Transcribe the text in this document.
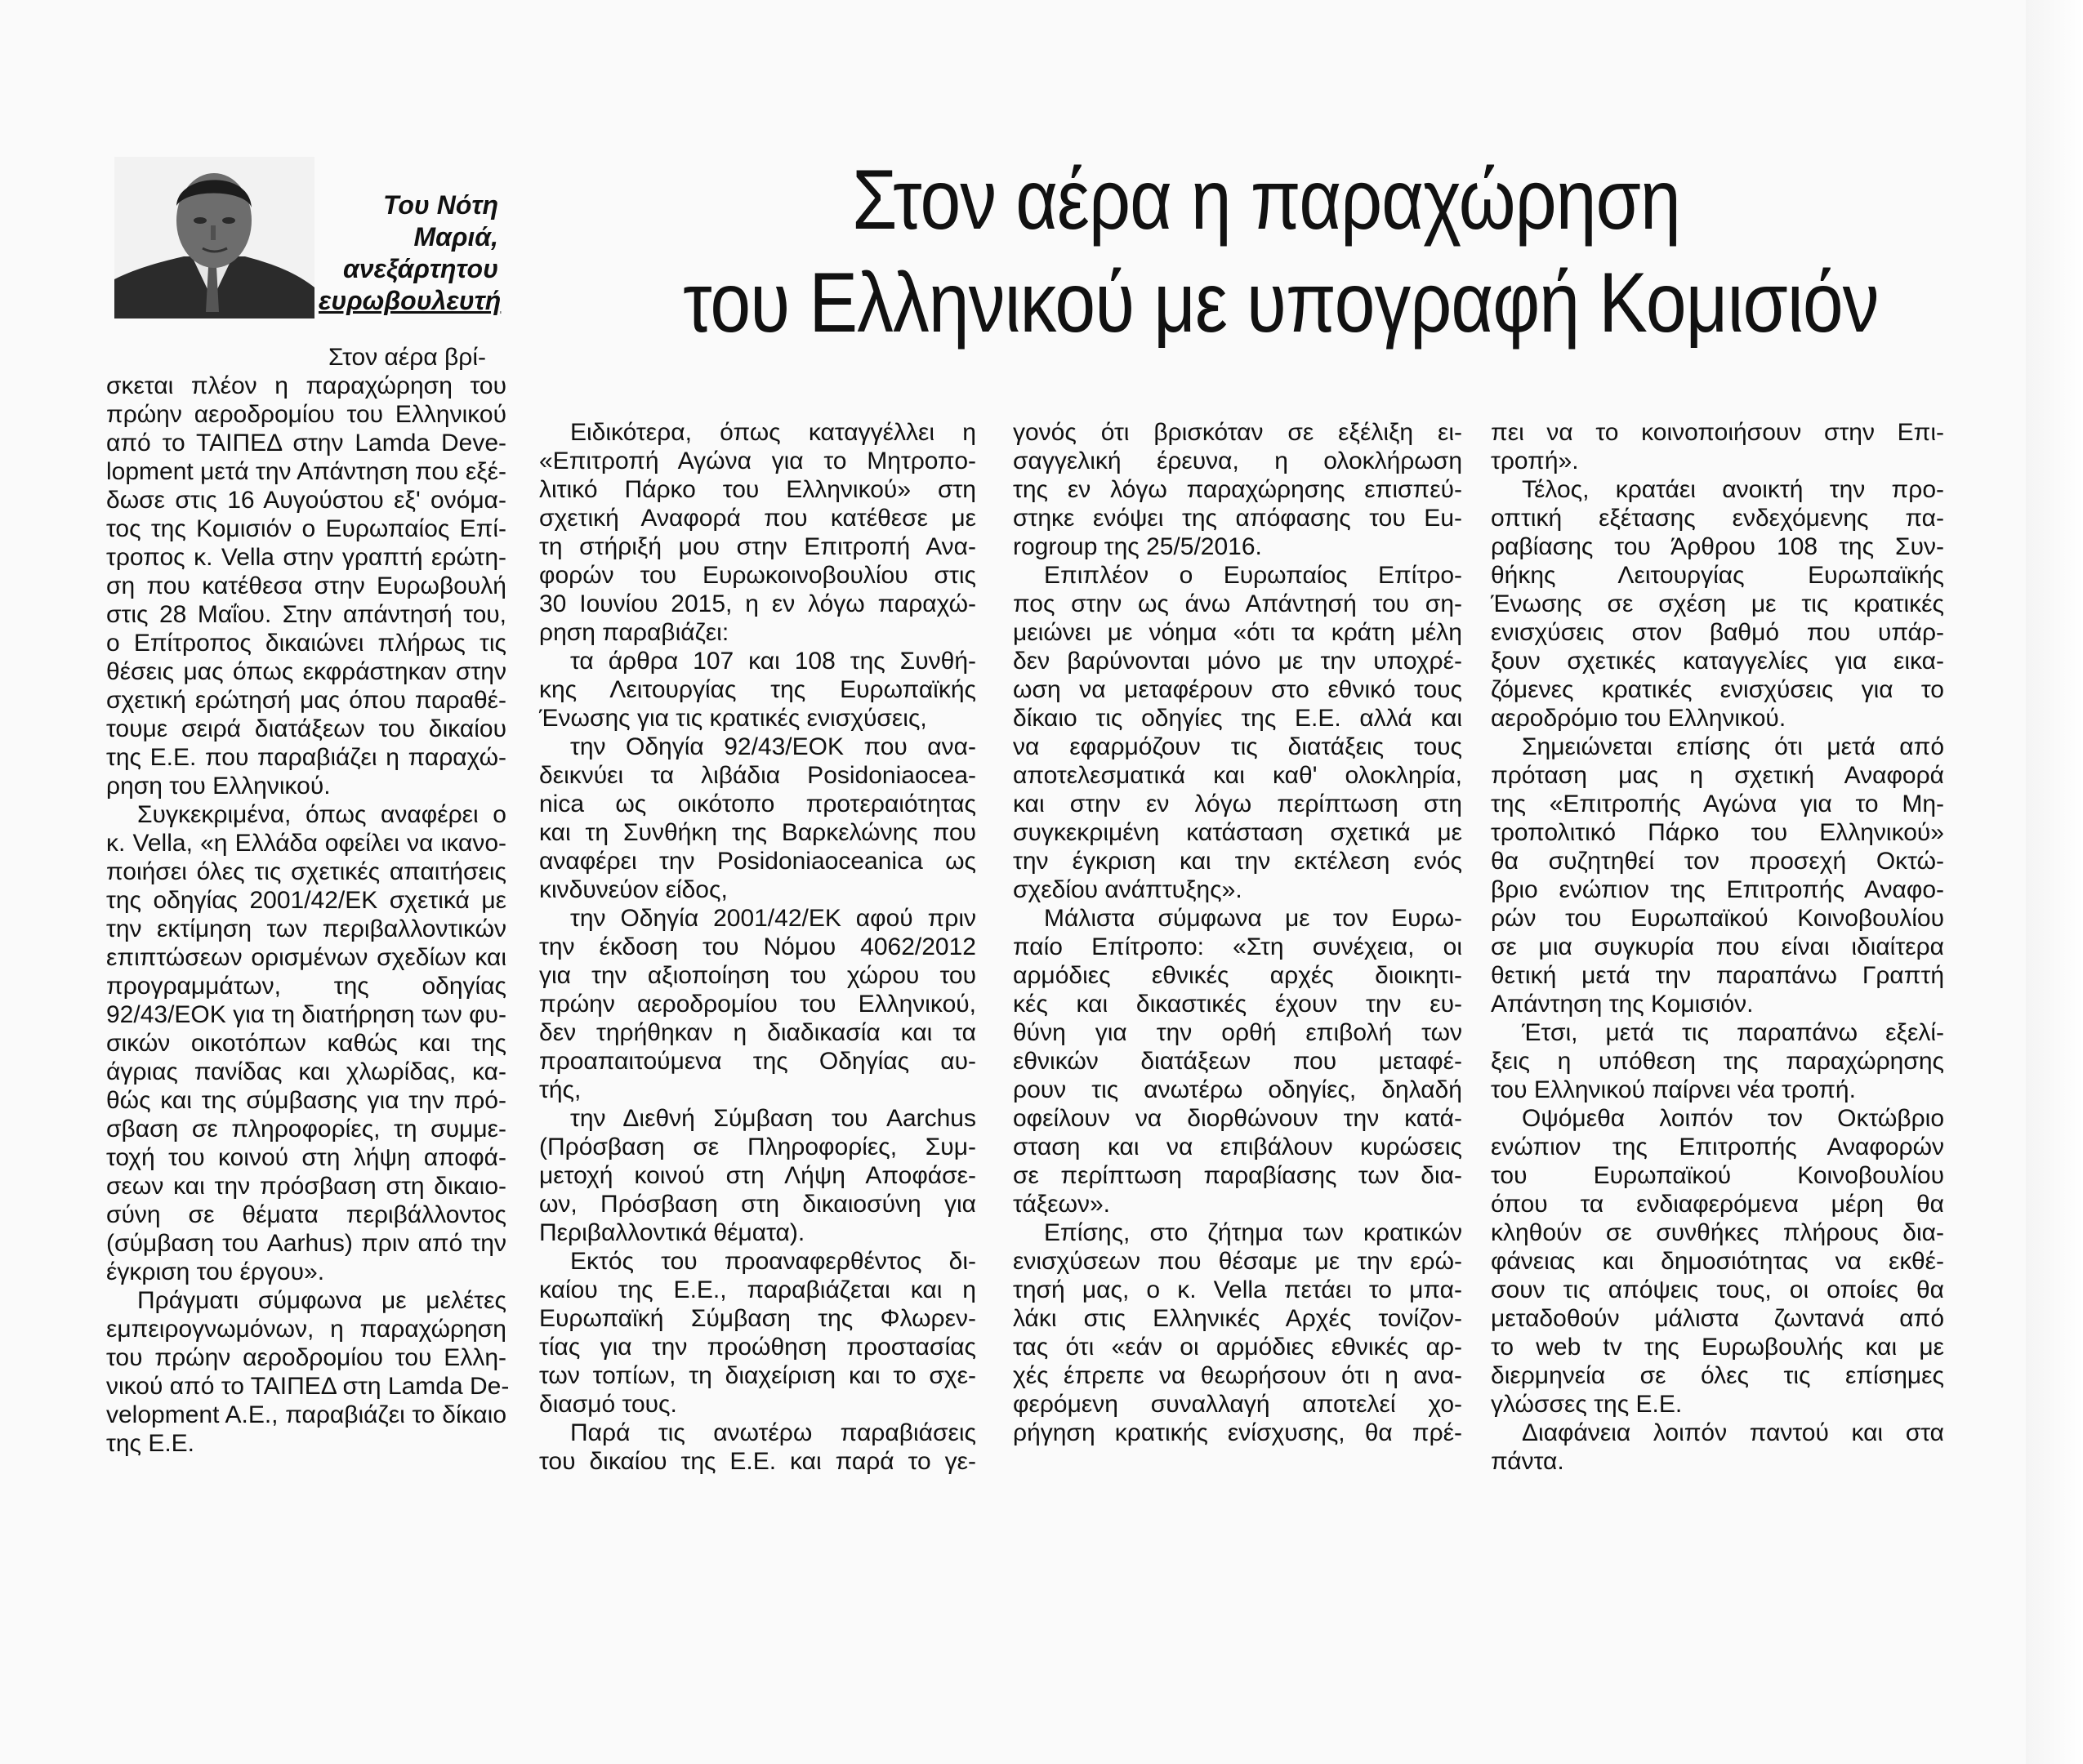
Του Νότη
Μαριά,
ανεξάρτητου
ευρωβουλευτή
Στον αέρα η παραχώρηση
του Ελληνικού με υπογραφή Κομισιόν
Στον αέρα βρί-
σκεται πλέον η παραχώρηση του
πρώην αεροδρομίου του Ελληνικού
από το ΤΑΙΠΕΔ στην Lamda Deve-
lopment μετά την Απάντηση που εξέ-
δωσε στις 16 Αυγούστου εξ' ονόμα-
τος της Κομισιόν ο Ευρωπαίος Επί-
τροπος κ. Vella στην γραπτή ερώτη-
ση που κατέθεσα στην Ευρωβουλή
στις 28 Μαΐου. Στην απάντησή του,
ο Επίτροπος δικαιώνει πλήρως τις
θέσεις μας όπως εκφράστηκαν στην
σχετική ερώτησή μας όπου παραθέ-
τουμε σειρά διατάξεων του δικαίου
της Ε.Ε. που παραβιάζει η παραχώ-
ρηση του Ελληνικού.
Συγκεκριμένα, όπως αναφέρει ο
κ. Vella, «η Ελλάδα οφείλει να ικανο-
ποιήσει όλες τις σχετικές απαιτήσεις
της οδηγίας 2001/42/ΕΚ σχετικά με
την εκτίμηση των περιβαλλοντικών
επιπτώσεων ορισμένων σχεδίων και
προγραμμάτων, της οδηγίας
92/43/ΕΟΚ για τη διατήρηση των φυ-
σικών οικοτόπων καθώς και της
άγριας πανίδας και χλωρίδας, κα-
θώς και της σύμβασης για την πρό-
σβαση σε πληροφορίες, τη συμμε-
τοχή του κοινού στη λήψη αποφά-
σεων και την πρόσβαση στη δικαιο-
σύνη σε θέματα περιβάλλοντος
(σύμβαση του Aarhus) πριν από την
έγκριση του έργου».
Πράγματι σύμφωνα με μελέτες
εμπειρογνωμόνων, η παραχώρηση
του πρώην αεροδρομίου του Ελλη-
νικού από το ΤΑΙΠΕΔ στη Lamda De-
velopment A.E., παραβιάζει το δίκαιο
της Ε.Ε.
Ειδικότερα, όπως καταγγέλλει η
«Επιτροπή Αγώνα για το Μητροπο-
λιτικό Πάρκο του Ελληνικού» στη
σχετική Αναφορά που κατέθεσε με
τη στήριξή μου στην Επιτροπή Ανα-
φορών του Ευρωκοινοβουλίου στις
30 Ιουνίου 2015, η εν λόγω παραχώ-
ρηση παραβιάζει:
τα άρθρα 107 και 108 της Συνθή-
κης Λειτουργίας της Ευρωπαϊκής
Ένωσης για τις κρατικές ενισχύσεις,
την Οδηγία 92/43/ΕΟΚ που ανα-
δεικνύει τα λιβάδια Posidoniaocea-
nica ως οικότοπο προτεραιότητας
και τη Συνθήκη της Βαρκελώνης που
αναφέρει την Posidoniaoceanica ως
κινδυνεύον είδος,
την Οδηγία 2001/42/ΕΚ αφού πριν
την έκδοση του Νόμου 4062/2012
για την αξιοποίηση του χώρου του
πρώην αεροδρομίου του Ελληνικού,
δεν τηρήθηκαν η διαδικασία και τα
προαπαιτούμενα της Οδηγίας αυ-
τής,
την Διεθνή Σύμβαση του Aarchus
(Πρόσβαση σε Πληροφορίες, Συμ-
μετοχή κοινού στη Λήψη Αποφάσε-
ων, Πρόσβαση στη δικαιοσύνη για
Περιβαλλοντικά θέματα).
Εκτός του προαναφερθέντος δι-
καίου της Ε.Ε., παραβιάζεται και η
Ευρωπαϊκή Σύμβαση της Φλωρεν-
τίας για την προώθηση προστασίας
των τοπίων, τη διαχείριση και το σχε-
διασμό τους.
Παρά τις ανωτέρω παραβιάσεις
του δικαίου της Ε.Ε. και παρά το γε-
γονός ότι βρισκόταν σε εξέλιξη ει-
σαγγελική έρευνα, η ολοκλήρωση
της εν λόγω παραχώρησης επισπεύ-
στηκε ενόψει της απόφασης του Eu-
rogroup της 25/5/2016.
Επιπλέον ο Ευρωπαίος Επίτρο-
πος στην ως άνω Απάντησή του ση-
μειώνει με νόημα «ότι τα κράτη μέλη
δεν βαρύνονται μόνο με την υποχρέ-
ωση να μεταφέρουν στο εθνικό τους
δίκαιο τις οδηγίες της Ε.Ε. αλλά και
να εφαρμόζουν τις διατάξεις τους
αποτελεσματικά και καθ' ολοκληρία,
και στην εν λόγω περίπτωση στη
συγκεκριμένη κατάσταση σχετικά με
την έγκριση και την εκτέλεση ενός
σχεδίου ανάπτυξης».
Μάλιστα σύμφωνα με τον Ευρω-
παίο Επίτροπο: «Στη συνέχεια, οι
αρμόδιες εθνικές αρχές διοικητι-
κές και δικαστικές έχουν την ευ-
θύνη για την ορθή επιβολή των
εθνικών διατάξεων που μεταφέ-
ρουν τις ανωτέρω οδηγίες, δηλαδή
οφείλουν να διορθώνουν την κατά-
σταση και να επιβάλουν κυρώσεις
σε περίπτωση παραβίασης των δια-
τάξεων».
Επίσης, στο ζήτημα των κρατικών
ενισχύσεων που θέσαμε με την ερώ-
τησή μας, ο κ. Vella πετάει το μπα-
λάκι στις Ελληνικές Αρχές τονίζον-
τας ότι «εάν οι αρμόδιες εθνικές αρ-
χές έπρεπε να θεωρήσουν ότι η ανα-
φερόμενη συναλλαγή αποτελεί χο-
ρήγηση κρατικής ενίσχυσης, θα πρέ-
πει να το κοινοποιήσουν στην Επι-
τροπή».
Τέλος, κρατάει ανοικτή την προ-
οπτική εξέτασης ενδεχόμενης πα-
ραβίασης του Άρθρου 108 της Συν-
θήκης Λειτουργίας Ευρωπαϊκής
Ένωσης σε σχέση με τις κρατικές
ενισχύσεις στον βαθμό που υπάρ-
ξουν σχετικές καταγγελίες για εικα-
ζόμενες κρατικές ενισχύσεις για το
αεροδρόμιο του Ελληνικού.
Σημειώνεται επίσης ότι μετά από
πρόταση μας η σχετική Αναφορά
της «Επιτροπής Αγώνα για το Μη-
τροπολιτικό Πάρκο του Ελληνικού»
θα συζητηθεί τον προσεχή Οκτώ-
βριο ενώπιον της Επιτροπής Αναφο-
ρών του Ευρωπαϊκού Κοινοβουλίου
σε μια συγκυρία που είναι ιδιαίτερα
θετική μετά την παραπάνω Γραπτή
Απάντηση της Κομισιόν.
Έτσι, μετά τις παραπάνω εξελί-
ξεις η υπόθεση της παραχώρησης
του Ελληνικού παίρνει νέα τροπή.
Οψόμεθα λοιπόν τον Οκτώβριο
ενώπιον της Επιτροπής Αναφορών
του Ευρωπαϊκού Κοινοβουλίου
όπου τα ενδιαφερόμενα μέρη θα
κληθούν σε συνθήκες πλήρους δια-
φάνειας και δημοσιότητας να εκθέ-
σουν τις απόψεις τους, οι οποίες θα
μεταδοθούν μάλιστα ζωντανά από
το web tv της Ευρωβουλής και με
διερμηνεία σε όλες τις επίσημες
γλώσσες της Ε.Ε.
Διαφάνεια λοιπόν παντού και στα
πάντα.
